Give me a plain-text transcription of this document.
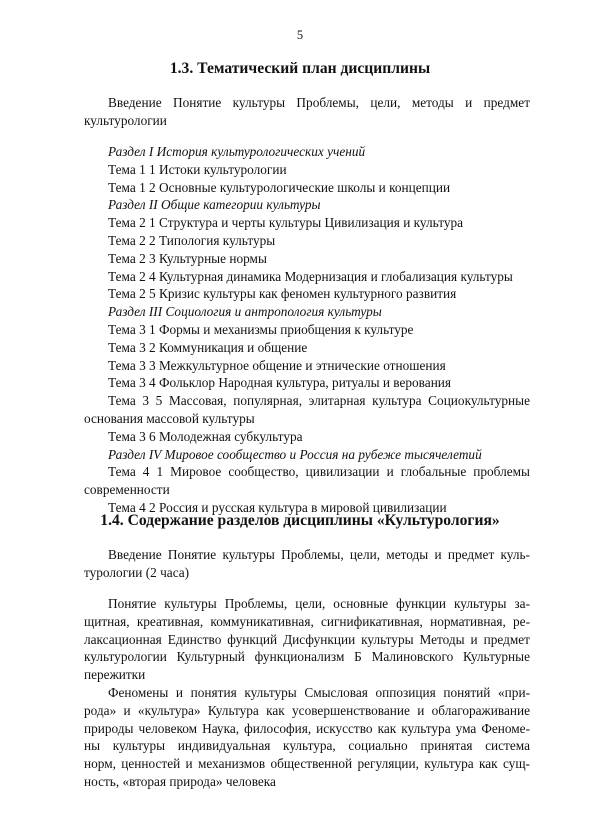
5
1.3. Тематический план дисциплины
Введение Понятие культуры Проблемы, цели, методы и предмет
культурологии
Раздел I История культурологических учений
Тема 1 1 Истоки культурологии
Тема 1 2 Основные культурологические школы и концепции
Раздел II Общие категории культуры
Тема 2 1 Структура и черты культуры Цивилизация и культура
Тема 2 2 Типология культуры
Тема 2 3 Культурные нормы
Тема 2 4 Культурная динамика Модернизация и глобализация культуры
Тема 2 5 Кризис культуры как феномен культурного развития
Раздел III Социология и антропология культуры
Тема 3 1 Формы и механизмы приобщения к культуре
Тема 3 2 Коммуникация и общение
Тема 3 3 Межкультурное общение и этнические отношения
Тема 3 4 Фольклор Народная культура, ритуалы и верования
Тема 3 5 Массовая, популярная, элитарная культура Социокультурные
основания массовой культуры
Тема 3 6 Молодежная субкультура
Раздел IV Мировое сообщество и Россия на рубеже тысячелетий
Тема 4 1 Мировое сообщество, цивилизации и глобальные проблемы
современности
Тема 4 2 Россия и русская культура в мировой цивилизации
1.4. Содержание разделов дисциплины «Культурология»
Введение Понятие культуры Проблемы, цели, методы и предмет куль-
турологии (2 часа)
Понятие культуры Проблемы, цели, основные функции культуры за-
щитная, креативная, коммуникативная, сигнификативная, нормативная, ре-
лаксационная Единство функций Дисфункции культуры Методы и предмет
культурологии Культурный функционализм Б Малиновского Культурные
пережитки
Феномены и понятия культуры Смысловая оппозиция понятий «при-
рода» и «культура» Культура как усовершенствование и облагораживание
природы человеком Наука, философия, искусство как культура ума Феноме-
ны культуры индивидуальная культура, социально принятая система
норм, ценностей и механизмов общественной регуляции, культура как сущ-
ность, «вторая природа» человека
